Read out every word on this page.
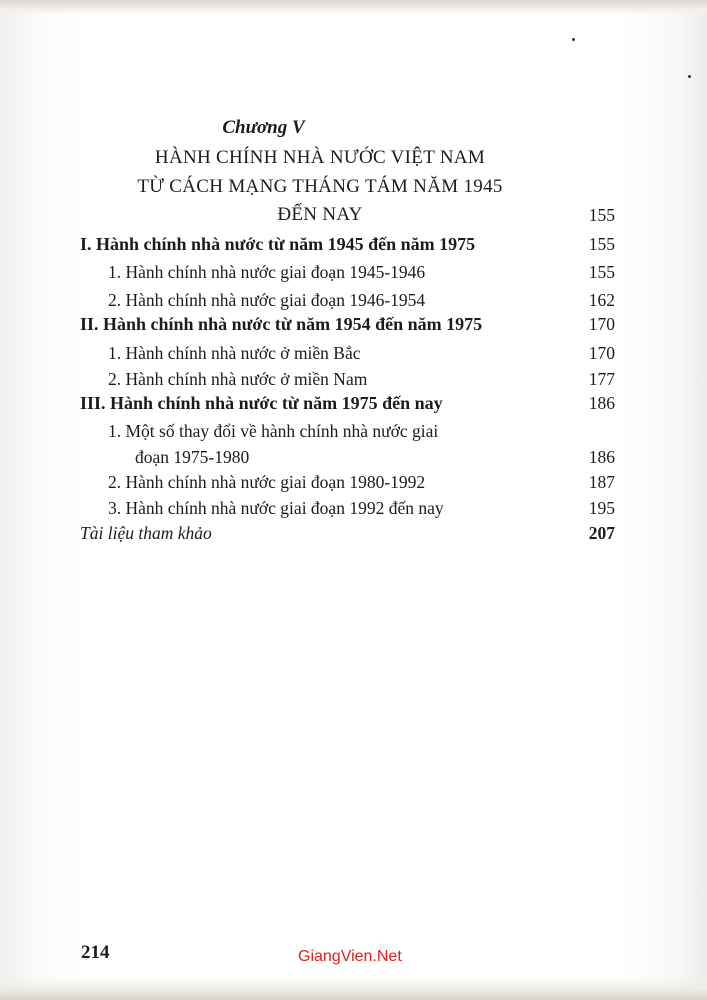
Chương V
HÀNH CHÍNH NHÀ NƯỚC VIỆT NAM
TỪ CÁCH MẠNG THÁNG TÁM NĂM 1945
ĐẾN NAY	155
I. Hành chính nhà nước từ năm 1945 đến năm 1975	155
1. Hành chính nhà nước giai đoạn 1945-1946	155
2. Hành chính nhà nước giai đoạn 1946-1954	162
II. Hành chính nhà nước từ năm 1954 đến năm 1975	170
1. Hành chính nhà nước ở miền Bắc	170
2. Hành chính nhà nước ở miền Nam	177
III. Hành chính nhà nước từ năm 1975 đến nay	186
1. Một số thay đổi về hành chính nhà nước giai
đoạn 1975-1980	186
2. Hành chính nhà nước giai đoạn 1980-1992	187
3. Hành chính nhà nước giai đoạn 1992 đến nay	195
Tài liệu tham khảo	207
214	GiangVien.Net
